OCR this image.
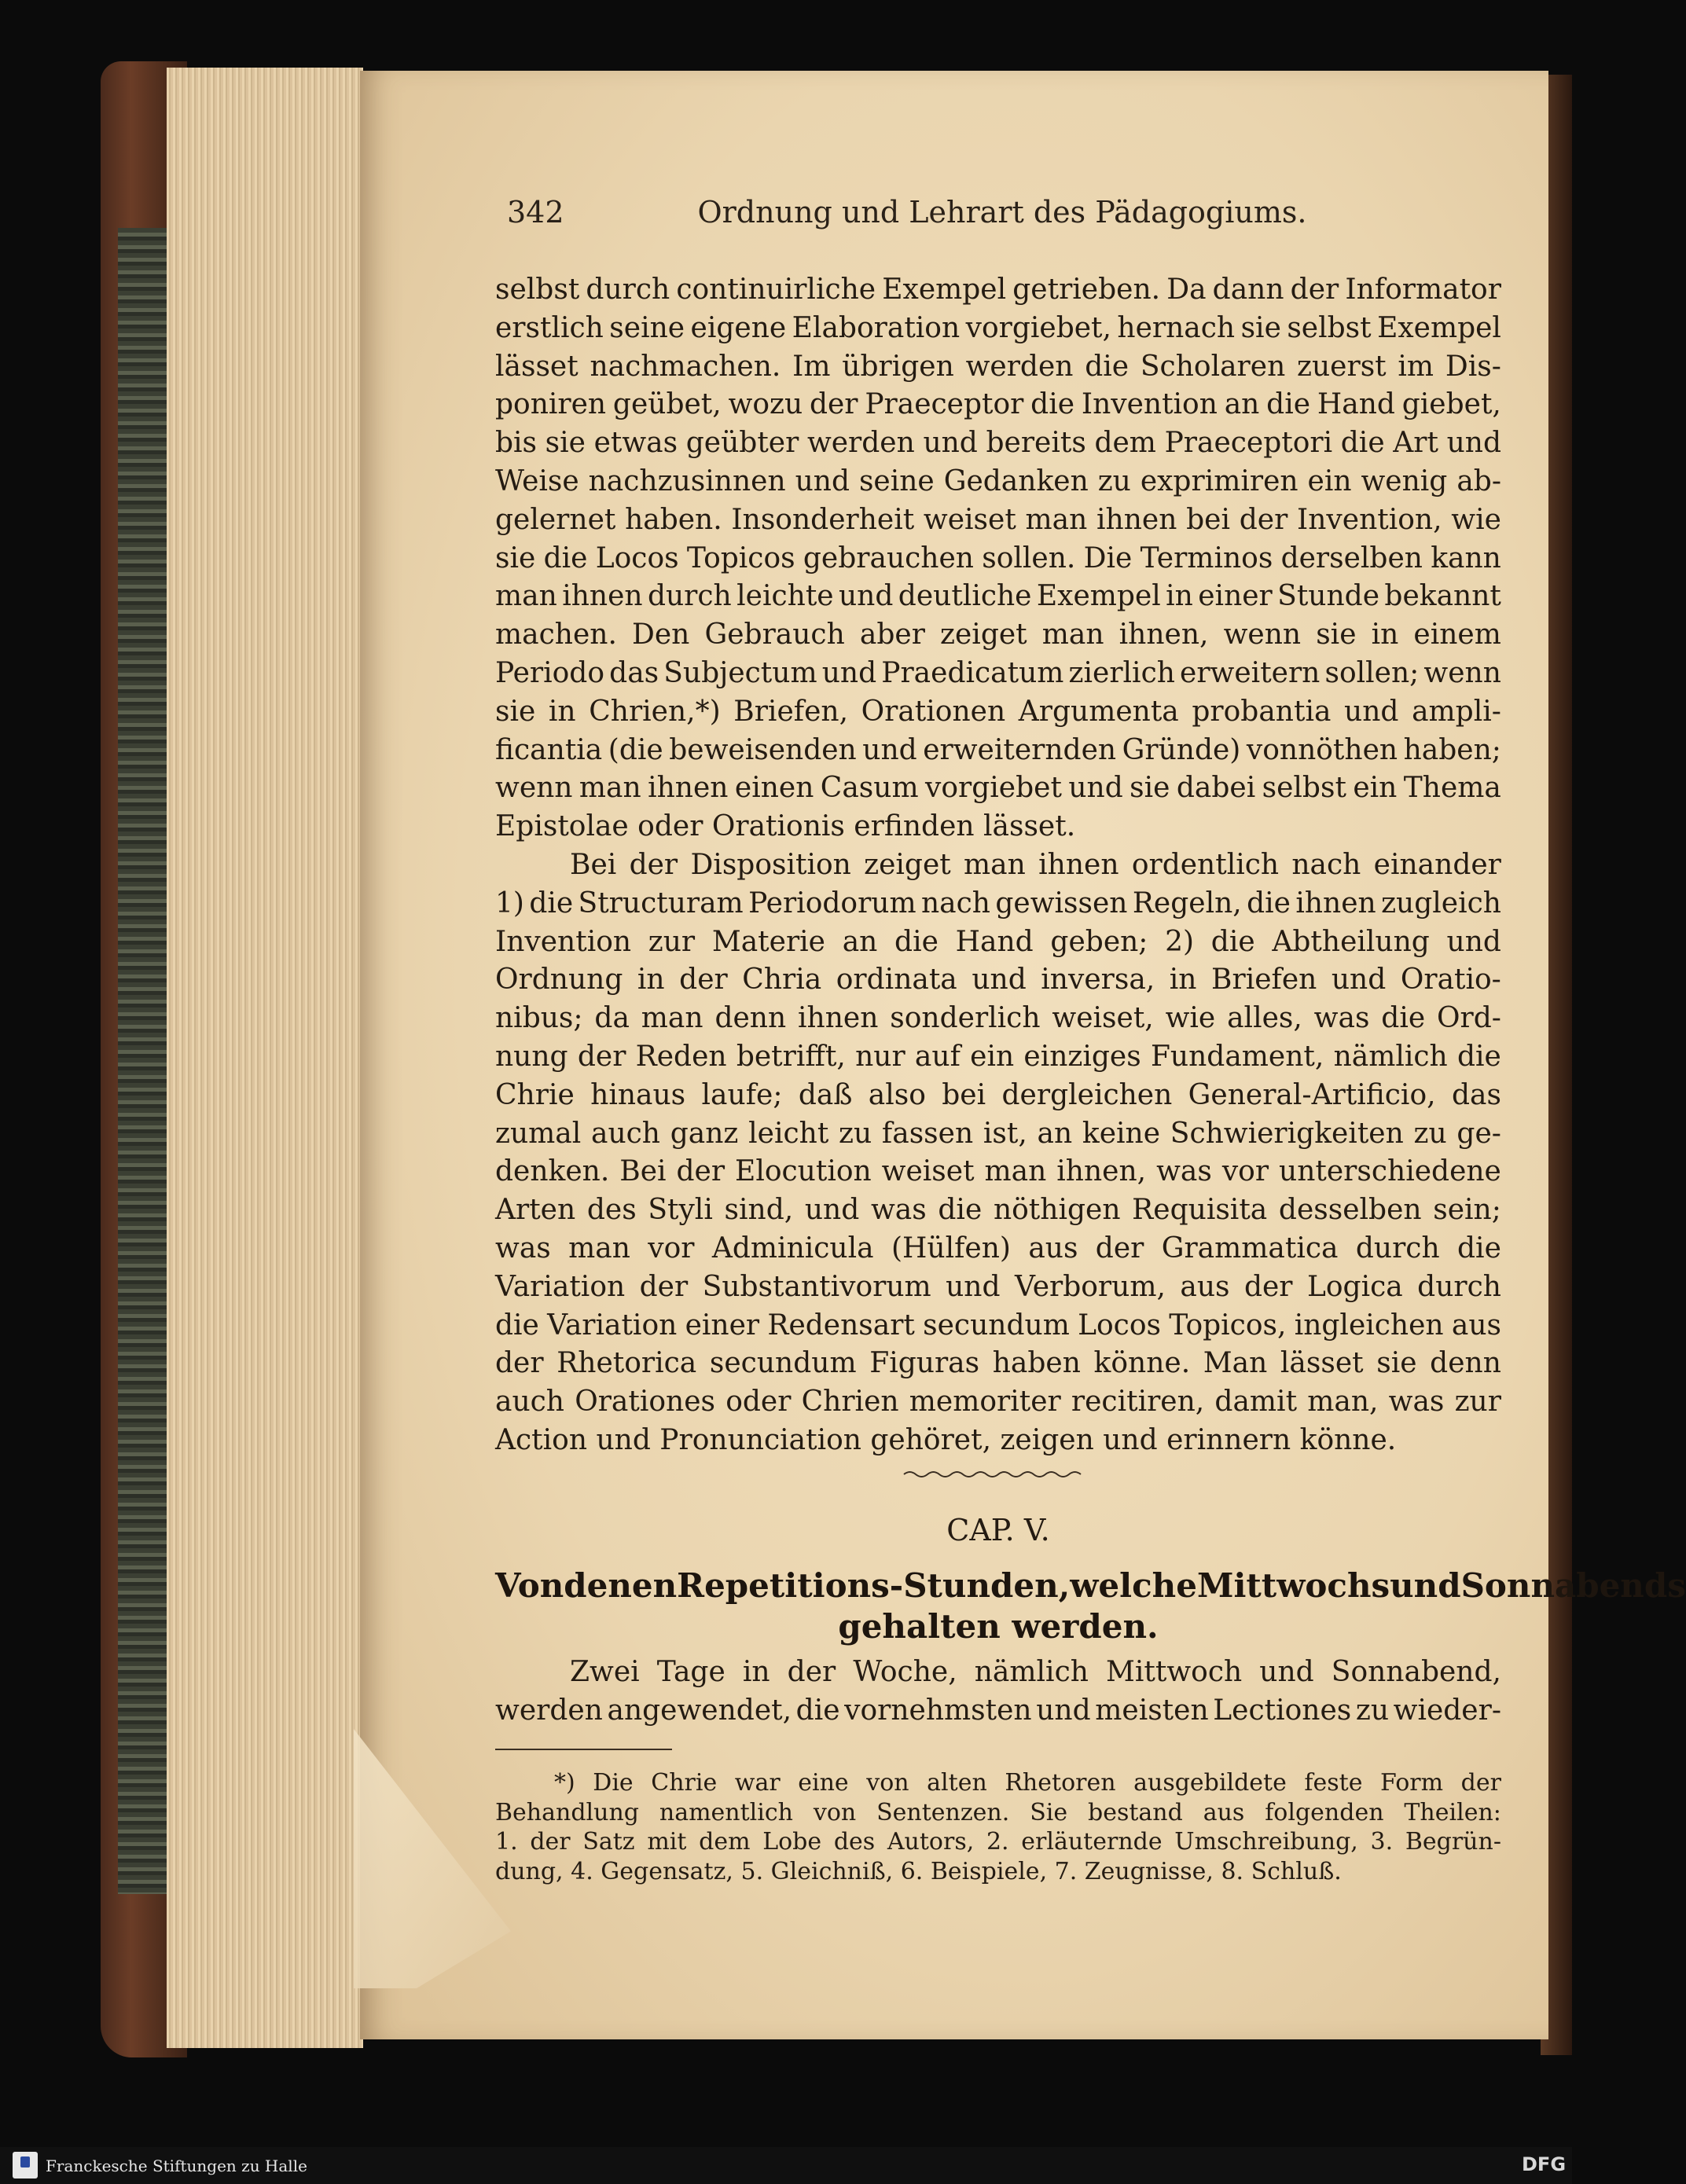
342	Ordnung und Lehrart des Pädagogiums.
selbst durch continuirliche Exempel getrieben. Da dann der Informator
erstlich seine eigene Elaboration vorgiebet, hernach sie selbst Exempel
lässet nachmachen. Im übrigen werden die Scholaren zuerst im Dis-
poniren geübet, wozu der Praeceptor die Invention an die Hand giebet,
bis sie etwas geübter werden und bereits dem Praeceptori die Art und
Weise nachzusinnen und seine Gedanken zu exprimiren ein wenig ab-
gelernet haben. Insonderheit weiset man ihnen bei der Invention, wie
sie die Locos Topicos gebrauchen sollen. Die Terminos derselben kann
man ihnen durch leichte und deutliche Exempel in einer Stunde bekannt
machen. Den Gebrauch aber zeiget man ihnen, wenn sie in einem
Periodo das Subjectum und Praedicatum zierlich erweitern sollen; wenn
sie in Chrien,*) Briefen, Orationen Argumenta probantia und ampli-
ficantia (die beweisenden und erweiternden Gründe) vonnöthen haben;
wenn man ihnen einen Casum vorgiebet und sie dabei selbst ein Thema
Epistolae oder Orationis erfinden lässet.
Bei der Disposition zeiget man ihnen ordentlich nach einander
1) die Structuram Periodorum nach gewissen Regeln, die ihnen zugleich
Invention zur Materie an die Hand geben; 2) die Abtheilung und
Ordnung in der Chria ordinata und inversa, in Briefen und Oratio-
nibus; da man denn ihnen sonderlich weiset, wie alles, was die Ord-
nung der Reden betrifft, nur auf ein einziges Fundament, nämlich die
Chrie hinaus laufe; daß also bei dergleichen General-Artificio, das
zumal auch ganz leicht zu fassen ist, an keine Schwierigkeiten zu ge-
denken. Bei der Elocution weiset man ihnen, was vor unterschiedene
Arten des Styli sind, und was die nöthigen Requisita desselben sein;
was man vor Adminicula (Hülfen) aus der Grammatica durch die
Variation der Substantivorum und Verborum, aus der Logica durch
die Variation einer Redensart secundum Locos Topicos, ingleichen aus
der Rhetorica secundum Figuras haben könne. Man lässet sie denn
auch Orationes oder Chrien memoriter recitiren, damit man, was zur
Action und Pronunciation gehöret, zeigen und erinnern könne.
CAP. V.
Von denen Repetitions-Stunden, welche Mittwochs und Sonnabends
gehalten werden.
Zwei Tage in der Woche, nämlich Mittwoch und Sonnabend,
werden angewendet, die vornehmsten und meisten Lectiones zu wieder-
*) Die Chrie war eine von alten Rhetoren ausgebildete feste Form der
Behandlung namentlich von Sentenzen. Sie bestand aus folgenden Theilen:
1. der Satz mit dem Lobe des Autors, 2. erläuternde Umschreibung, 3. Begrün-
dung, 4. Gegensatz, 5. Gleichniß, 6. Beispiele, 7. Zeugnisse, 8. Schluß.
Franckesche Stiftungen zu Halle	DFG
